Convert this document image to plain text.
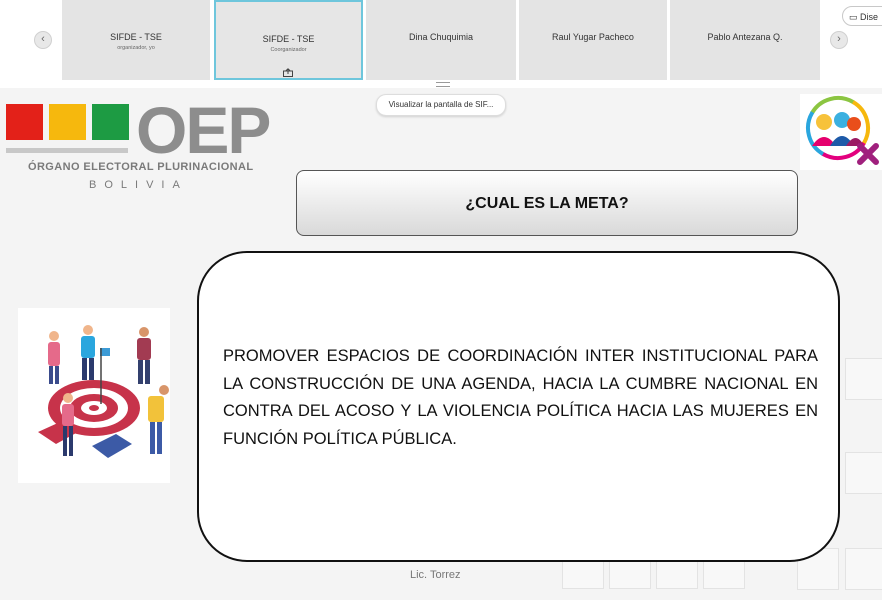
‹	SIFDE - TSE
organizador, yo
SIFDE - TSE
Coorganizador
Dina Chuquimia	Raul Yugar Pacheco	Pablo Antezana Q.	›
▭ Dise
Visualizar la pantalla de SIF...
OEP
ÓRGANO ELECTORAL PLURINACIONAL
BOLIVIA
¿CUAL ES LA META?
PROMOVER ESPACIOS DE COORDINACIÓN INTER INSTITUCIONAL PARA LA CONSTRUCCIÓN DE UNA AGENDA, HACIA LA CUMBRE NACIONAL EN CONTRA DEL ACOSO Y LA VIOLENCIA POLÍTICA HACIA LAS MUJERES EN FUNCIÓN POLÍTICA PÚBLICA.
Lic. Torrez
